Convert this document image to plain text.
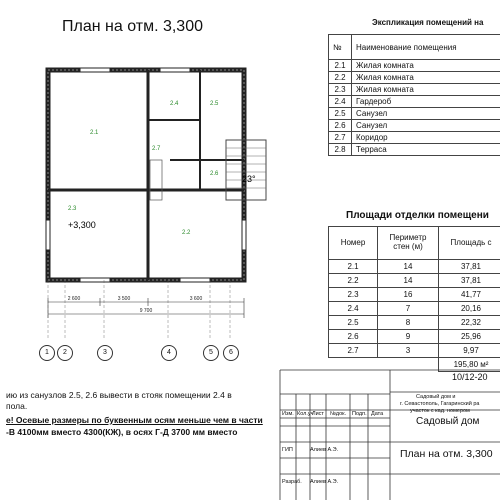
План на отм. 3,300
2.1
2.2
2.3
2.4	2.5
2.6
2.7
+3,300
23°
2 600	3 500	3 600
9 700
1	2	3	4	5	6
Экспликация помещений на
№	Наименование помещения
2.1	Жилая комната
2.2	Жилая комната
2.3	Жилая комната
2.4	Гардероб
2.5	Санузел
2.6	Санузел
2.7	Коридор
2.8	Терраса
Площади отделки помещени
Номер	Периметр стен (м)	Площадь с
2.1	14	37,81
2.2	14	37,81
2.3	16	41,77
2.4	7	20,16
2.5	8	22,32
2.6	9	25,96
2.7	3	9,97
		195,80 м²
ию из санузлов 2.5, 2.6 вывести в стояк помещении 2.4 в
пола.
е! Осевые размеры по буквенным осям меньше чем в части
-В 4100мм вместо 4300(КЖ), в осях Г-Д 3700 мм вместо
10/12-20
Садовый дом и
г. Севастополь, Гагаринский ра
участок с кад. номером
Изм. Кол.уч
Лист №док. Подп. Дата
Садовый дом
ГИП	Алиев А.Э.
Разраб. Алиев А.Э.
План на отм. 3,300
